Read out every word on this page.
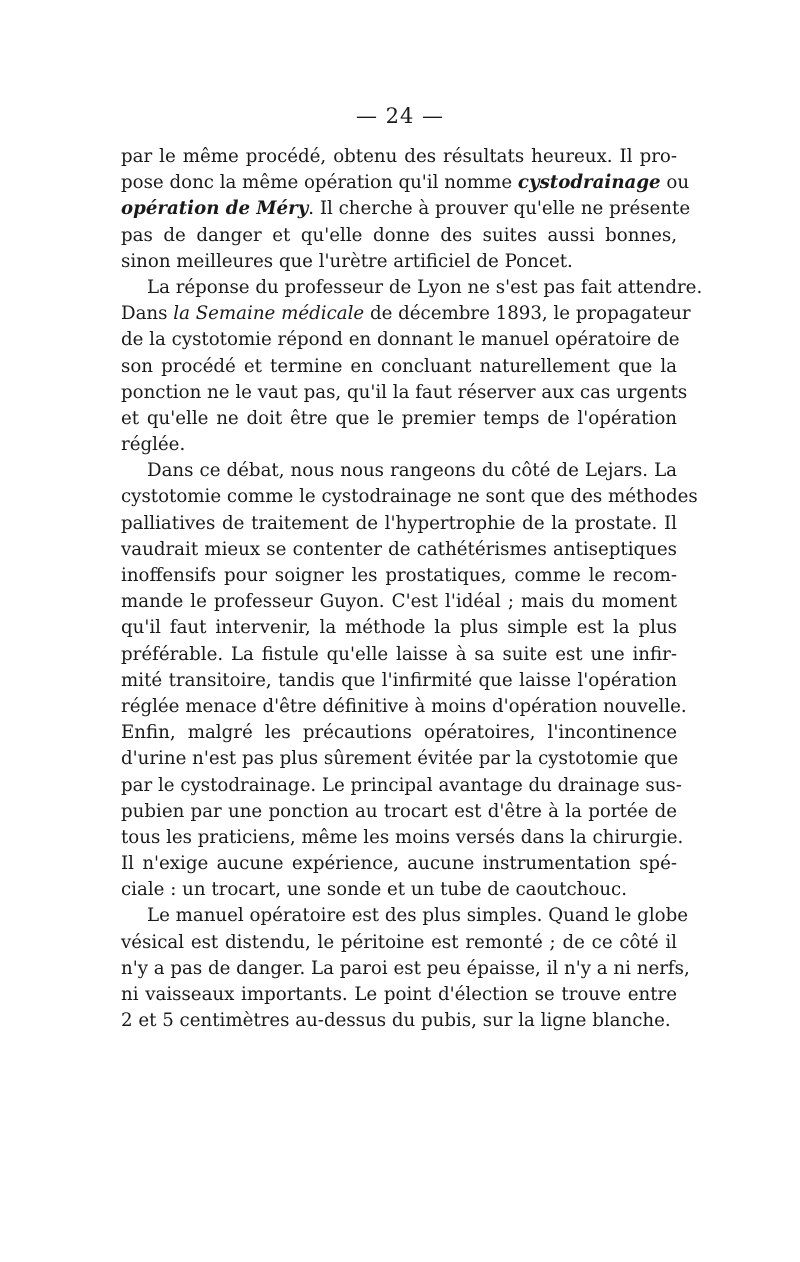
— 24 —
par le même procédé, obtenu des résultats heureux. Il pro-
pose donc la même opération qu'il nomme cystodrainage ou
opération de Méry. Il cherche à prouver qu'elle ne présente
pas de danger et qu'elle donne des suites aussi bonnes,
sinon meilleures que l'urètre artificiel de Poncet.
La réponse du professeur de Lyon ne s'est pas fait attendre.
Dans la Semaine médicale de décembre 1893, le propagateur
de la cystotomie répond en donnant le manuel opératoire de
son procédé et termine en concluant naturellement que la
ponction ne le vaut pas, qu'il la faut réserver aux cas urgents
et qu'elle ne doit être que le premier temps de l'opération
réglée.
Dans ce débat, nous nous rangeons du côté de Lejars. La
cystotomie comme le cystodrainage ne sont que des méthodes
palliatives de traitement de l'hypertrophie de la prostate. Il
vaudrait mieux se contenter de cathétérismes antiseptiques
inoffensifs pour soigner les prostatiques, comme le recom-
mande le professeur Guyon. C'est l'idéal ; mais du moment
qu'il faut intervenir, la méthode la plus simple est la plus
préférable. La fistule qu'elle laisse à sa suite est une infir-
mité transitoire, tandis que l'infirmité que laisse l'opération
réglée menace d'être définitive à moins d'opération nouvelle.
Enfin, malgré les précautions opératoires, l'incontinence
d'urine n'est pas plus sûrement évitée par la cystotomie que
par le cystodrainage. Le principal avantage du drainage sus-
pubien par une ponction au trocart est d'être à la portée de
tous les praticiens, même les moins versés dans la chirurgie.
Il n'exige aucune expérience, aucune instrumentation spé-
ciale : un trocart, une sonde et un tube de caoutchouc.
Le manuel opératoire est des plus simples. Quand le globe
vésical est distendu, le péritoine est remonté ; de ce côté il
n'y a pas de danger. La paroi est peu épaisse, il n'y a ni nerfs,
ni vaisseaux importants. Le point d'élection se trouve entre
2 et 5 centimètres au-dessus du pubis, sur la ligne blanche.
